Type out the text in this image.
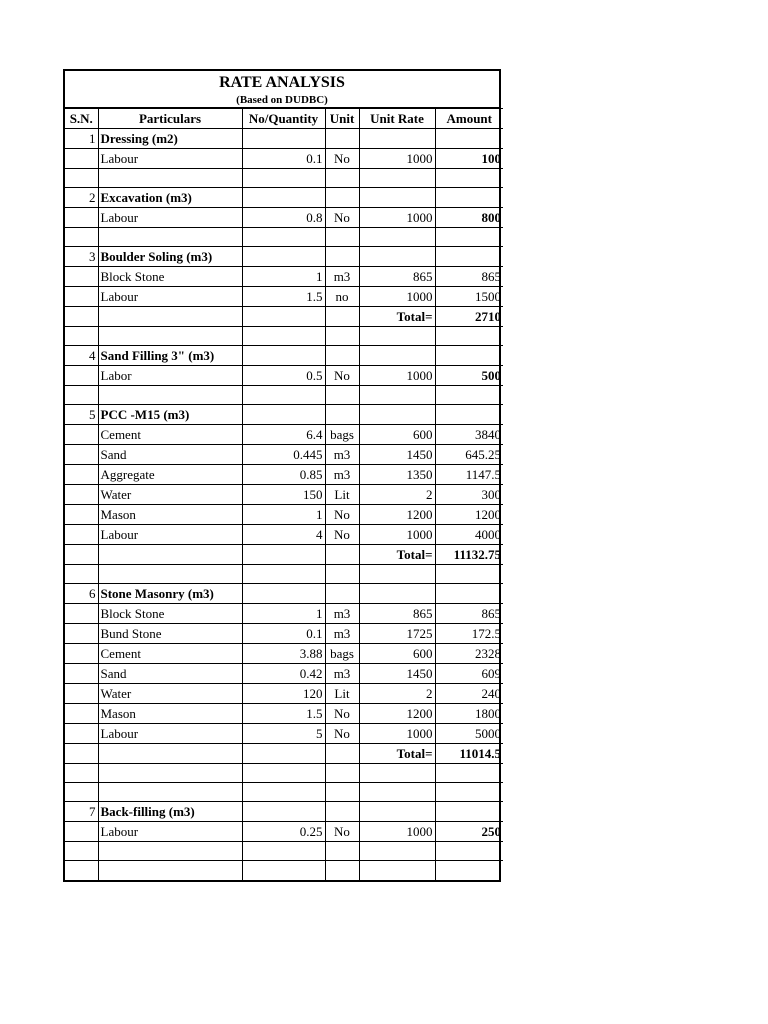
RATE ANALYSIS
(Based on DUDBC)
S.N.	Particulars	No/Quantity	Unit	Unit Rate	Amount
1	Dressing (m2)				
	Labour	0.1	No	1000	100

2	Excavation (m3)				
	Labour	0.8	No	1000	800

3	Boulder Soling (m3)				
	Block Stone	1	m3	865	865
	Labour	1.5	no	1000	1500
				Total=	2710

4	Sand Filling 3" (m3)				
	Labor	0.5	No	1000	500

5	PCC -M15 (m3)				
	Cement	6.4	bags	600	3840
	Sand	0.445	m3	1450	645.25
	Aggregate	0.85	m3	1350	1147.5
	Water	150	Lit	2	300
	Mason	1	No	1200	1200
	Labour	4	No	1000	4000
				Total=	11132.75

6	Stone Masonry (m3)				
	Block Stone	1	m3	865	865
	Bund Stone	0.1	m3	1725	172.5
	Cement	3.88	bags	600	2328
	Sand	0.42	m3	1450	609
	Water	120	Lit	2	240
	Mason	1.5	No	1200	1800
	Labour	5	No	1000	5000
				Total=	11014.5

7	Back-filling (m3)				
	Labour	0.25	No	1000	250
